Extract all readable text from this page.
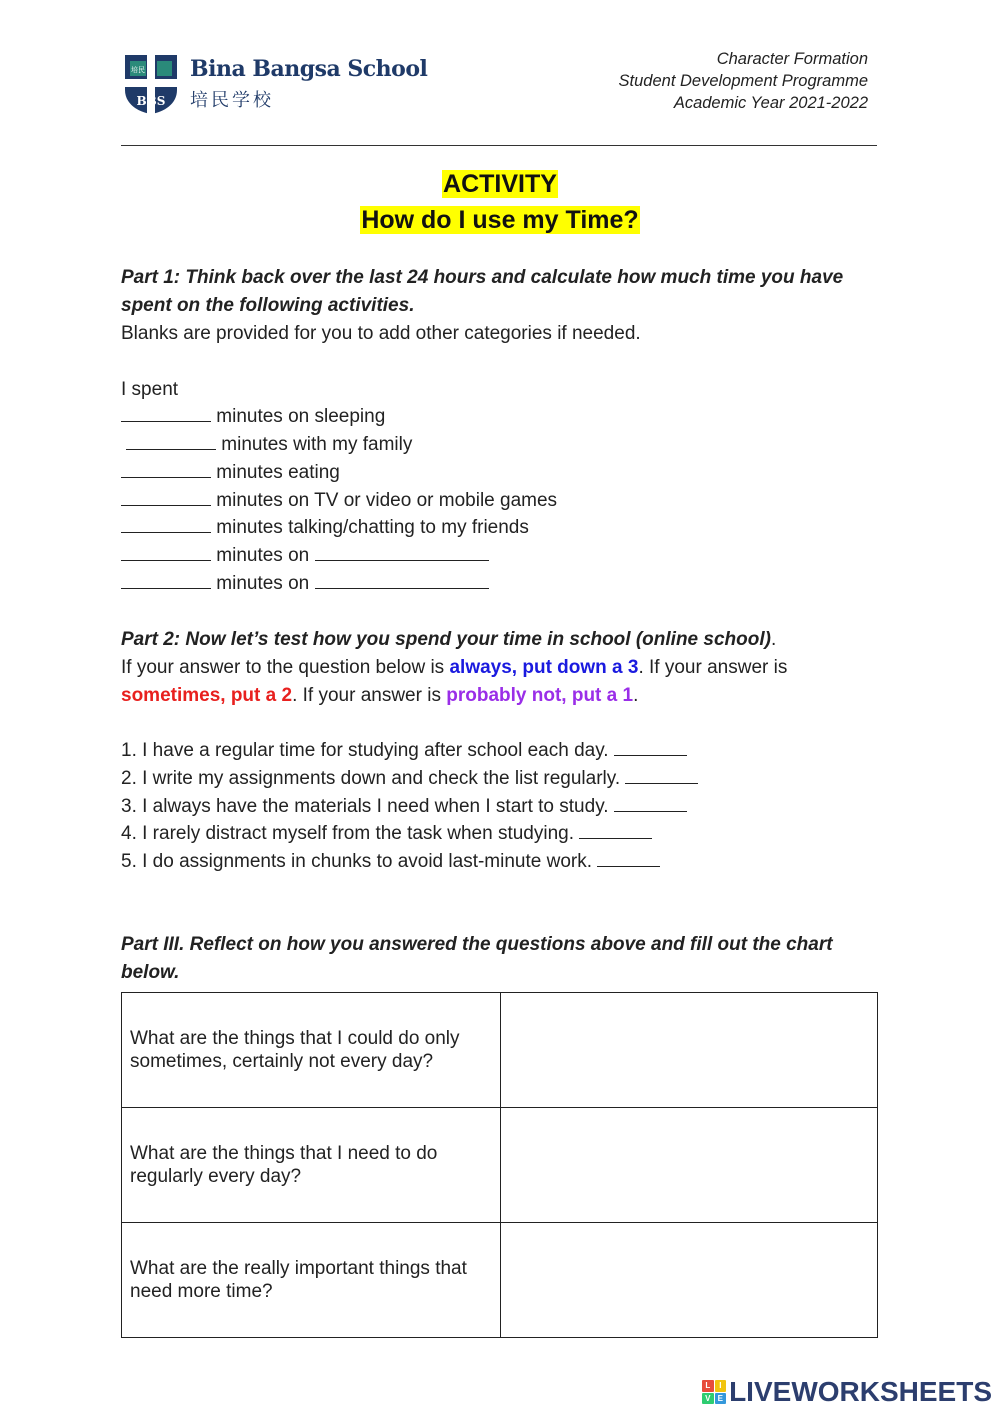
培民
BBS
Bina Bangsa School
培民学校
Character Formation
Student Development Programme
Academic Year 2021-2022
ACTIVITY
How do I use my Time?
Part 1: Think back over the last 24 hours and calculate how much time you have
spent on the following activities.
Blanks are provided for you to add other categories if needed.
I spent
minutes on sleeping
minutes with my family
minutes eating
minutes on TV or video or mobile games
minutes talking/chatting to my friends
minutes on
minutes on
Part 2: Now let’s test how you spend your time in school (online school).
If your answer to the question below is always, put down a 3. If your answer is
sometimes, put a 2. If your answer is probably not, put a 1.
1. I have a regular time for studying after school each day.
2. I write my assignments down and check the list regularly.
3. I always have the materials I need when I start to study.
4. I rarely distract myself from the task when studying.
5. I do assignments in chunks to avoid last-minute work.
Part III. Reflect on how you answered the questions above and fill out the chart
below.
What are the things that I could do only
sometimes, certainly not every day?	

What are the things that I need to do
regularly every day?	

What are the really important things that
need more time?	

L	I
V E LIVEWORKSHEETS
